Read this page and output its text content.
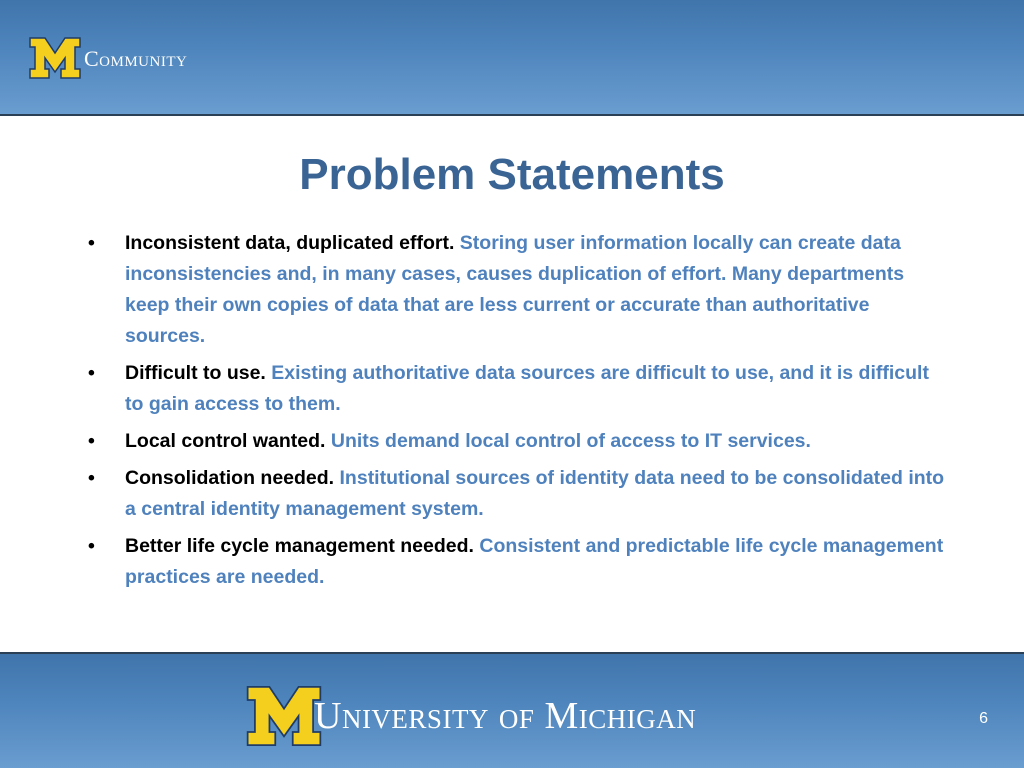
Community
Problem Statements
• Inconsistent data, duplicated effort. Storing user information locally can create data inconsistencies and, in many cases, causes duplication of effort. Many departments keep their own copies of data that are less current or accurate than authoritative sources.
• Difficult to use. Existing authoritative data sources are difficult to use, and it is difficult to gain access to them.
• Local control wanted. Units demand local control of access to IT services.
• Consolidation needed. Institutional sources of identity data need to be consolidated into a central identity management system.
• Better life cycle management needed. Consistent and predictable life cycle management practices are needed.
University of Michigan	6
